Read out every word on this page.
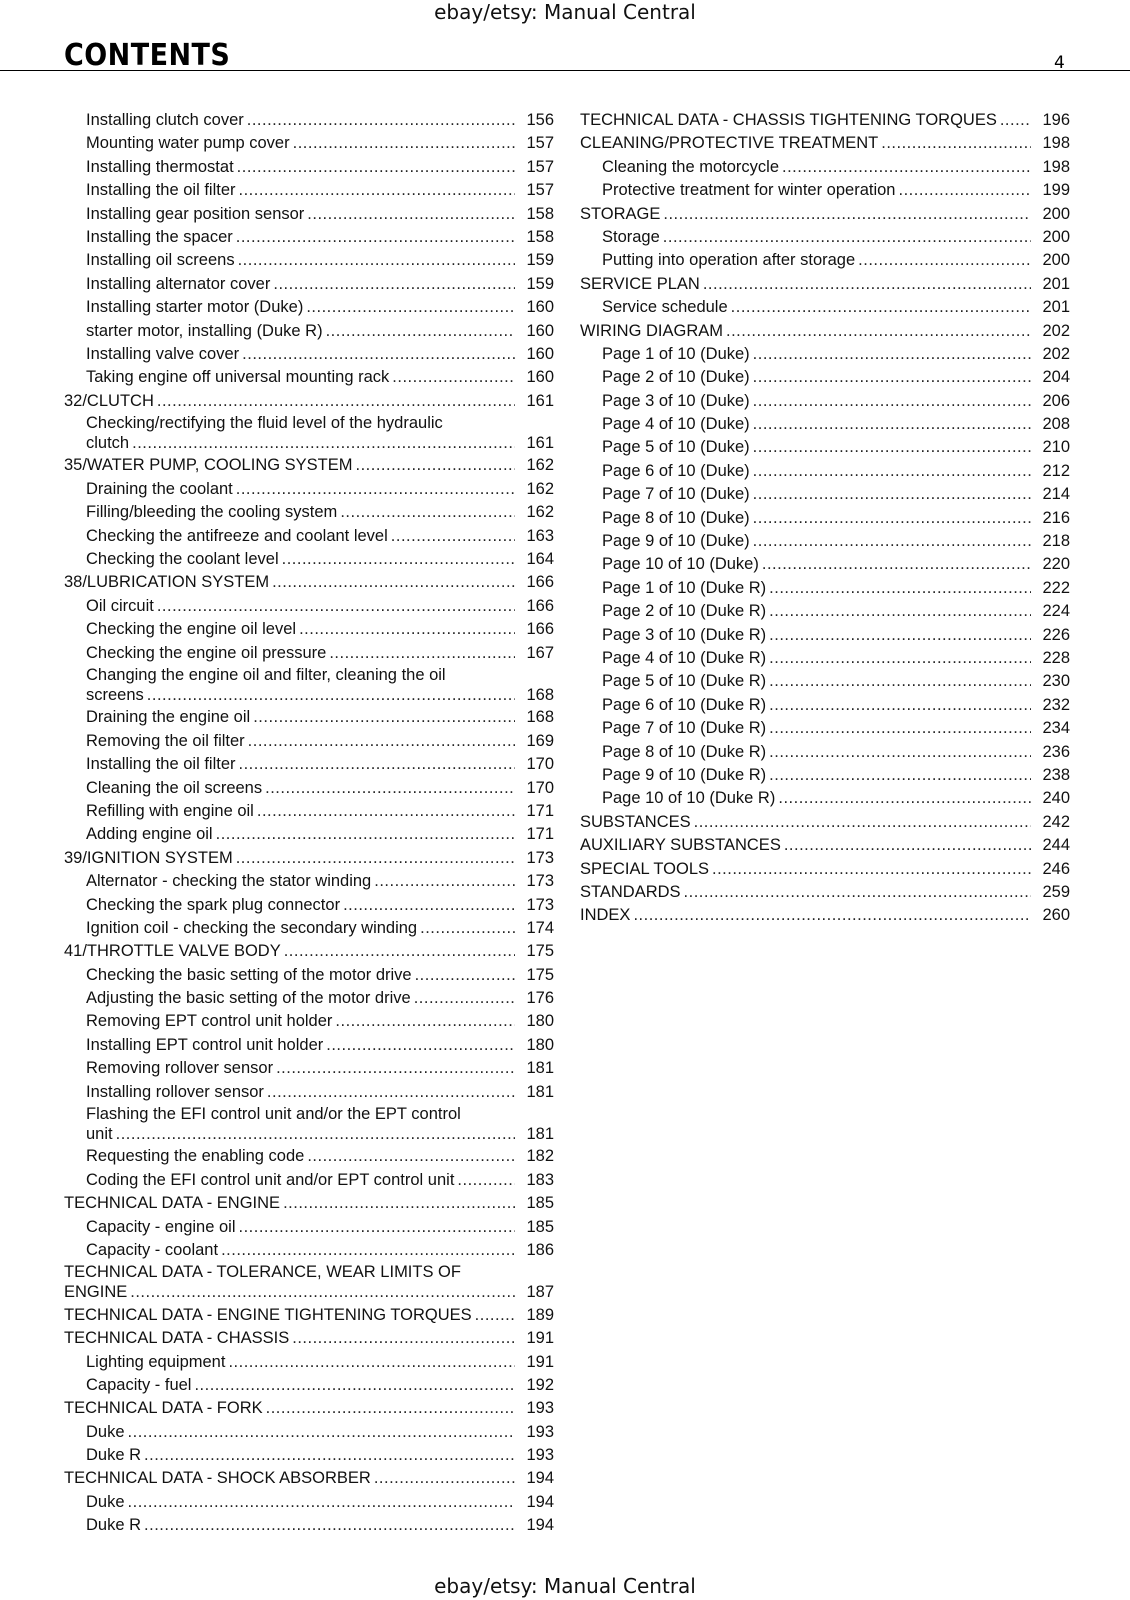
ebay/etsy: Manual Central
CONTENTS	4
Installing clutch cover .....	156
Mounting water pump cover .....	157
Installing thermostat .....	157
Installing the oil filter .....	157
Installing gear position sensor .....	158
Installing the spacer .....	158
Installing oil screens .....	159
Installing alternator cover .....	159
Installing starter motor (Duke) .....	160
starter motor, installing (Duke R) .....	160
Installing valve cover .....	160
Taking engine off universal mounting rack .....	160
32/CLUTCH .....	161
Checking/rectifying the fluid level of the hydraulic
clutch .....	161
35/WATER PUMP, COOLING SYSTEM .....	162
Draining the coolant .....	162
Filling/bleeding the cooling system .....	162
Checking the antifreeze and coolant level .....	163
Checking the coolant level .....	164
38/LUBRICATION SYSTEM .....	166
Oil circuit .....	166
Checking the engine oil level .....	166
Checking the engine oil pressure .....	167
Changing the engine oil and filter, cleaning the oil
screens .....	168
Draining the engine oil .....	168
Removing the oil filter .....	169
Installing the oil filter .....	170
Cleaning the oil screens .....	170
Refilling with engine oil .....	171
Adding engine oil .....	171
39/IGNITION SYSTEM .....	173
Alternator - checking the stator winding .....	173
Checking the spark plug connector .....	173
Ignition coil - checking the secondary winding .....	174
41/THROTTLE VALVE BODY .....	175
Checking the basic setting of the motor drive .....	175
Adjusting the basic setting of the motor drive .....	176
Removing EPT control unit holder .....	180
Installing EPT control unit holder .....	180
Removing rollover sensor .....	181
Installing rollover sensor .....	181
Flashing the EFI control unit and/or the EPT control
unit .....	181
Requesting the enabling code .....	182
Coding the EFI control unit and/or EPT control unit .....	183
TECHNICAL DATA - ENGINE .....	185
Capacity - engine oil .....	185
Capacity - coolant .....	186
TECHNICAL DATA - TOLERANCE, WEAR LIMITS OF
ENGINE .....	187
TECHNICAL DATA - ENGINE TIGHTENING TORQUES .....	189
TECHNICAL DATA - CHASSIS .....	191
Lighting equipment .....	191
Capacity - fuel .....	192
TECHNICAL DATA - FORK .....	193
Duke .....	193
Duke R .....	193
TECHNICAL DATA - SHOCK ABSORBER .....	194
Duke .....	194
Duke R .....	194
TECHNICAL DATA - CHASSIS TIGHTENING TORQUES .....	196
CLEANING/PROTECTIVE TREATMENT .....	198
Cleaning the motorcycle .....	198
Protective treatment for winter operation .....	199
STORAGE .....	200
Storage .....	200
Putting into operation after storage .....	200
SERVICE PLAN .....	201
Service schedule .....	201
WIRING DIAGRAM .....	202
Page 1 of 10 (Duke) .....	202
Page 2 of 10 (Duke) .....	204
Page 3 of 10 (Duke) .....	206
Page 4 of 10 (Duke) .....	208
Page 5 of 10 (Duke) .....	210
Page 6 of 10 (Duke) .....	212
Page 7 of 10 (Duke) .....	214
Page 8 of 10 (Duke) .....	216
Page 9 of 10 (Duke) .....	218
Page 10 of 10 (Duke) .....	220
Page 1 of 10 (Duke R) .....	222
Page 2 of 10 (Duke R) .....	224
Page 3 of 10 (Duke R) .....	226
Page 4 of 10 (Duke R) .....	228
Page 5 of 10 (Duke R) .....	230
Page 6 of 10 (Duke R) .....	232
Page 7 of 10 (Duke R) .....	234
Page 8 of 10 (Duke R) .....	236
Page 9 of 10 (Duke R) .....	238
Page 10 of 10 (Duke R) .....	240
SUBSTANCES .....	242
AUXILIARY SUBSTANCES .....	244
SPECIAL TOOLS .....	246
STANDARDS .....	259
INDEX .....	260
ebay/etsy: Manual Central
